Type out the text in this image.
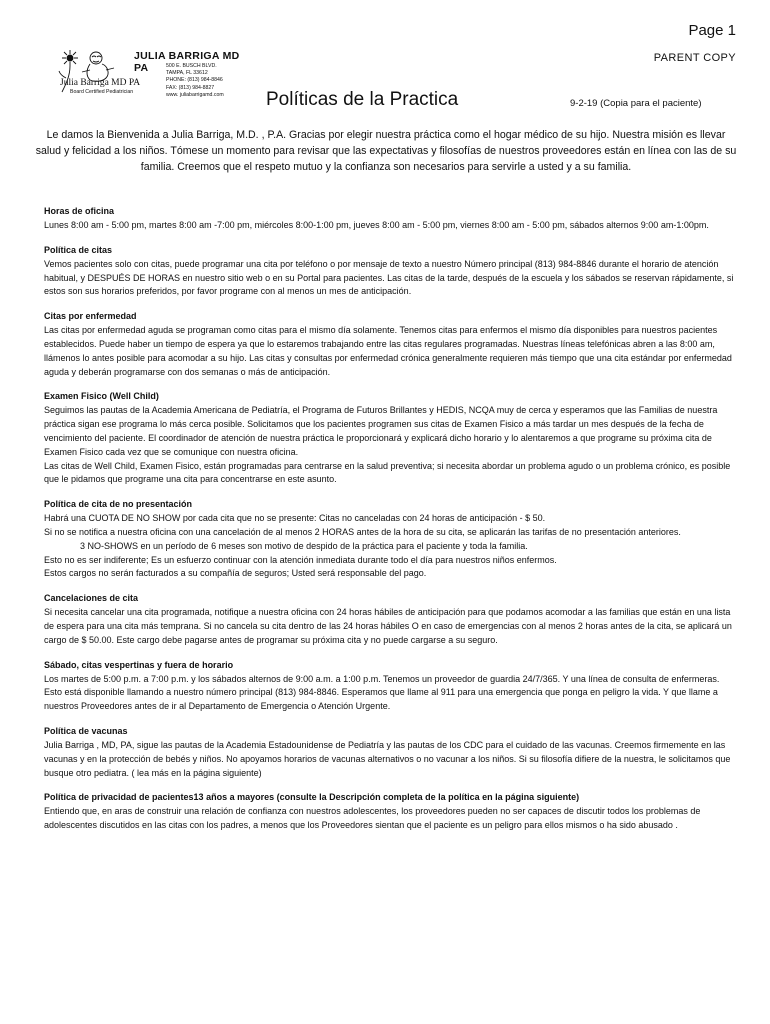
Page 1
PARENT COPY
JULIA BARRIGA MD PA	500 E. BUSCH BLVD.
TAMPA, FL 33612
PHONE: (813) 984-8846
FAX: (813) 984-8827
www. juliabarrigamd.com
Julia Barriga MD PA
Board Certified Pediatrician	Políticas de la Practica	9-2-19 (Copia para el paciente)
Le damos la Bienvenida a Julia Barriga, M.D. , P.A. Gracias por elegir nuestra práctica como el hogar médico de su hijo. Nuestra misión es llevar salud y felicidad a los niños. Tómese un momento para revisar que las expectativas y filosofías de nuestros proveedores están en línea con las de su familia. Creemos que el respeto mutuo y la confianza son necesarios para servirle a usted y a su familia.
Horas de oficina

Lunes 8:00 am - 5:00 pm, martes 8:00 am -7:00 pm, miércoles 8:00-1:00 pm, jueves 8:00 am - 5:00 pm, viernes 8:00 am - 5:00 pm, sábados alternos 9:00 am-1:00pm.

Política de citas

Vemos pacientes solo con citas, puede programar una cita por teléfono o por mensaje de texto a nuestro Número principal (813) 984-8846 durante el horario de atención habitual, y DESPUÉS DE HORAS en nuestro sitio web o en su Portal para pacientes. Las citas de la tarde, después de la escuela y los sábados se reservan rápidamente, si estos son sus horarios preferidos, por favor programe con al menos un mes de anticipación.

Citas por enfermedad

Las citas por enfermedad aguda se programan como citas para el mismo día solamente. Tenemos citas para enfermos el mismo día disponibles para nuestros pacientes establecidos. Puede haber un tiempo de espera ya que lo estaremos trabajando entre las citas regulares programadas. Nuestras líneas telefónicas abren a las 8:00 am, llámenos lo antes posible para acomodar a su hijo. Las citas y consultas por enfermedad crónica generalmente requieren más tiempo que una cita estándar por enfermedad aguda y deberán programarse con dos semanas o más de anticipación.

Examen Fisico (Well Child)

Seguimos las pautas de la Academia Americana de Pediatría, el Programa de Futuros Brillantes y HEDIS, NCQA muy de cerca y esperamos que las Familias de nuestra práctica sigan ese programa lo más cerca posible. Solicitamos que los pacientes programen sus citas de Examen Fisico a más tardar un mes después de la fecha de vencimiento del paciente. El coordinador de atención de nuestra práctica le proporcionará y explicará dicho horario y lo alentaremos a que programe su próxima cita de Examen Fisico cada vez que se comunique con nuestra oficina.

Las citas de Well Child, Examen Fisico, están programadas para centrarse en la salud preventiva; si necesita abordar un problema agudo o un problema crónico, es posible que le pidamos que programe una cita para concentrarse en este asunto.

Política de cita de no presentación

Habrá una CUOTA DE NO SHOW por cada cita que no se presente: Citas no canceladas con 24 horas de anticipación - $ 50.

Si no se notifica a nuestra oficina con una cancelación de al menos 2 HORAS antes de la hora de su cita, se aplicarán las tarifas de no presentación anteriores.

3 NO-SHOWS en un período de 6 meses son motivo de despido de la práctica para el paciente y toda la familia.

Esto no es ser indiferente; Es un esfuerzo continuar con la atención inmediata durante todo el día para nuestros niños enfermos.

Estos cargos no serán facturados a su compañía de seguros; Usted será responsable del pago.

Cancelaciones de cita

Si necesita cancelar una cita programada, notifique a nuestra oficina con 24 horas hábiles de anticipación para que podamos acomodar a las familias que están en una lista de espera para una cita más temprana. Si no cancela su cita dentro de las 24 horas hábiles O en caso de emergencias con al menos 2 horas antes de la cita, se aplicará un cargo de $ 50.00. Este cargo debe pagarse antes de programar su próxima cita y no puede cargarse a su seguro.

Sábado, citas vespertinas y fuera de horario

Los martes de 5:00 p.m. a 7:00 p.m. y los sábados alternos de 9:00 a.m. a 1:00 p.m. Tenemos un proveedor de guardia 24/7/365. Y una línea de consulta de enfermeras. Esto está disponible llamando a nuestro número principal (813) 984-8846. Esperamos que llame al 911 para una emergencia que ponga en peligro la vida. Y que llame a nuestros Proveedores antes de ir al Departamento de Emergencia o Atención Urgente.

Política de vacunas

Julia Barriga , MD, PA, sigue las pautas de la Academia Estadounidense de Pediatría y las pautas de los CDC para el cuidado de las vacunas. Creemos firmemente en las vacunas y en la protección de bebés y niños. No apoyamos horarios de vacunas alternativos o no vacunar a los niños. Si su filosofía difiere de la nuestra, le solicitamos que busque otro pediatra. ( lea más en la página siguiente)

Política de privacidad de pacientes13 años a mayores (consulte la Descripción completa de la política en la página siguiente)

Entiendo que, en aras de construir una relación de confianza con nuestros adolescentes, los proveedores pueden no ser capaces de discutir todos los problemas de adolescentes discutidos en las citas con los padres, a menos que los Proveedores sientan que el paciente es un peligro para ellos mismos o ha sido abusado .
